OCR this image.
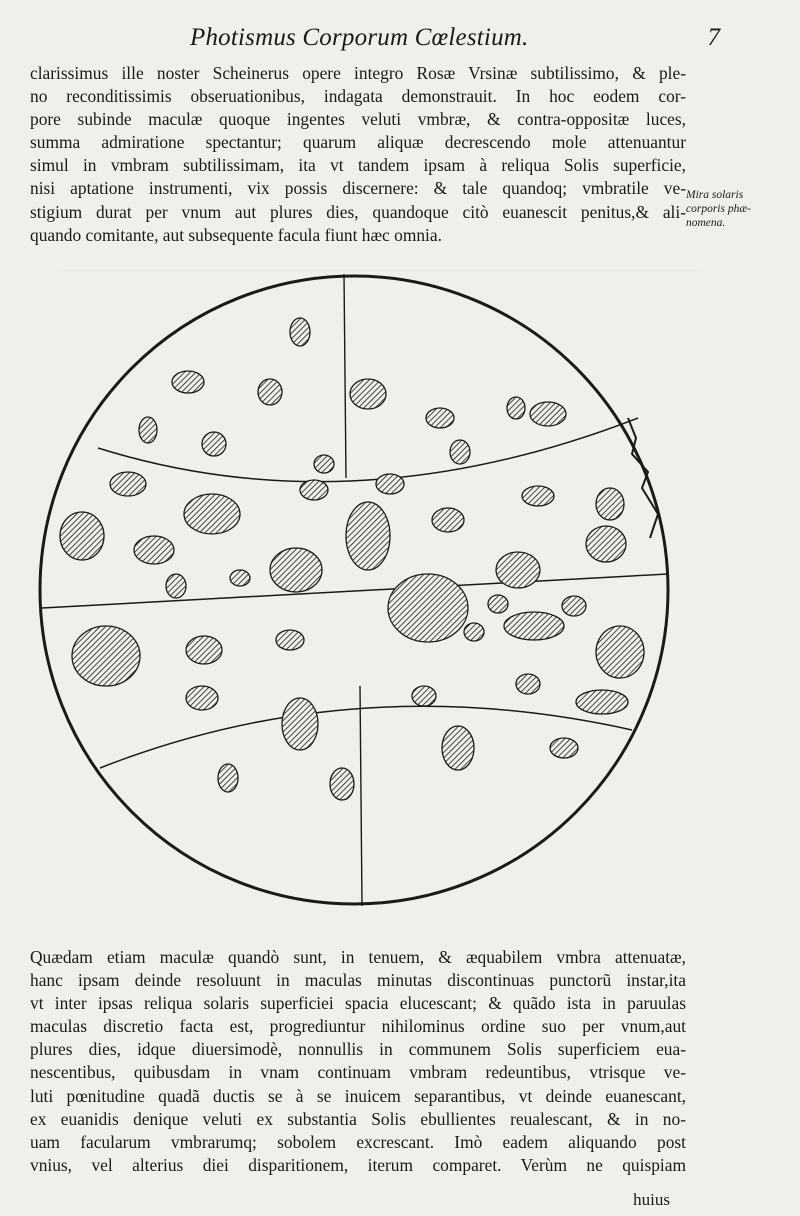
Photismus Corporum Cœlestium.	7
clarissimus ille noster Scheinerus opere integro Rosæ Vrsinæ subtilissimo, & ple-
no reconditissimis obseruationibus, indagata demonstrauit. In hoc eodem cor-
pore subinde maculæ quoque ingentes veluti vmbræ, & contra-oppositæ luces,
summa admiratione spectantur; quarum aliquæ decrescendo mole attenuantur
simul in vmbram subtilissimam, ita vt tandem ipsam à reliqua Solis superficie,
nisi aptatione instrumenti, vix possis discernere: & tale quandoq; vmbratile ve-
stigium durat per vnum aut plures dies, quandoque citò euanescit penitus,& ali-
quando comitante, aut subsequente facula fiunt hæc omnia.
Mira solaris
corporis phæ-
nomena.
Quædam etiam maculæ quandò sunt, in tenuem, & æquabilem vmbra attenuatæ,
hanc ipsam deinde resoluunt in maculas minutas discontinuas punctorũ instar,ita
vt inter ipsas reliqua solaris superficiei spacia elucescant; & quãdo ista in paruulas
maculas discretio facta est, progrediuntur nihilominus ordine suo per vnum,aut
plures dies, idque diuersimodè, nonnullis in communem Solis superficiem eua-
nescentibus, quibusdam in vnam continuam vmbram redeuntibus, vtrisque ve-
luti pœnitudine quadã ductis se à se inuicem separantibus, vt deinde euanescant,
ex euanidis denique veluti ex substantia Solis ebullientes reualescant, & in no-
uam facularum vmbrarumq; sobolem excrescant. Imò eadem aliquando post
vnius, vel alterius diei disparitionem, iterum comparet. Verùm ne quispiam
huius
